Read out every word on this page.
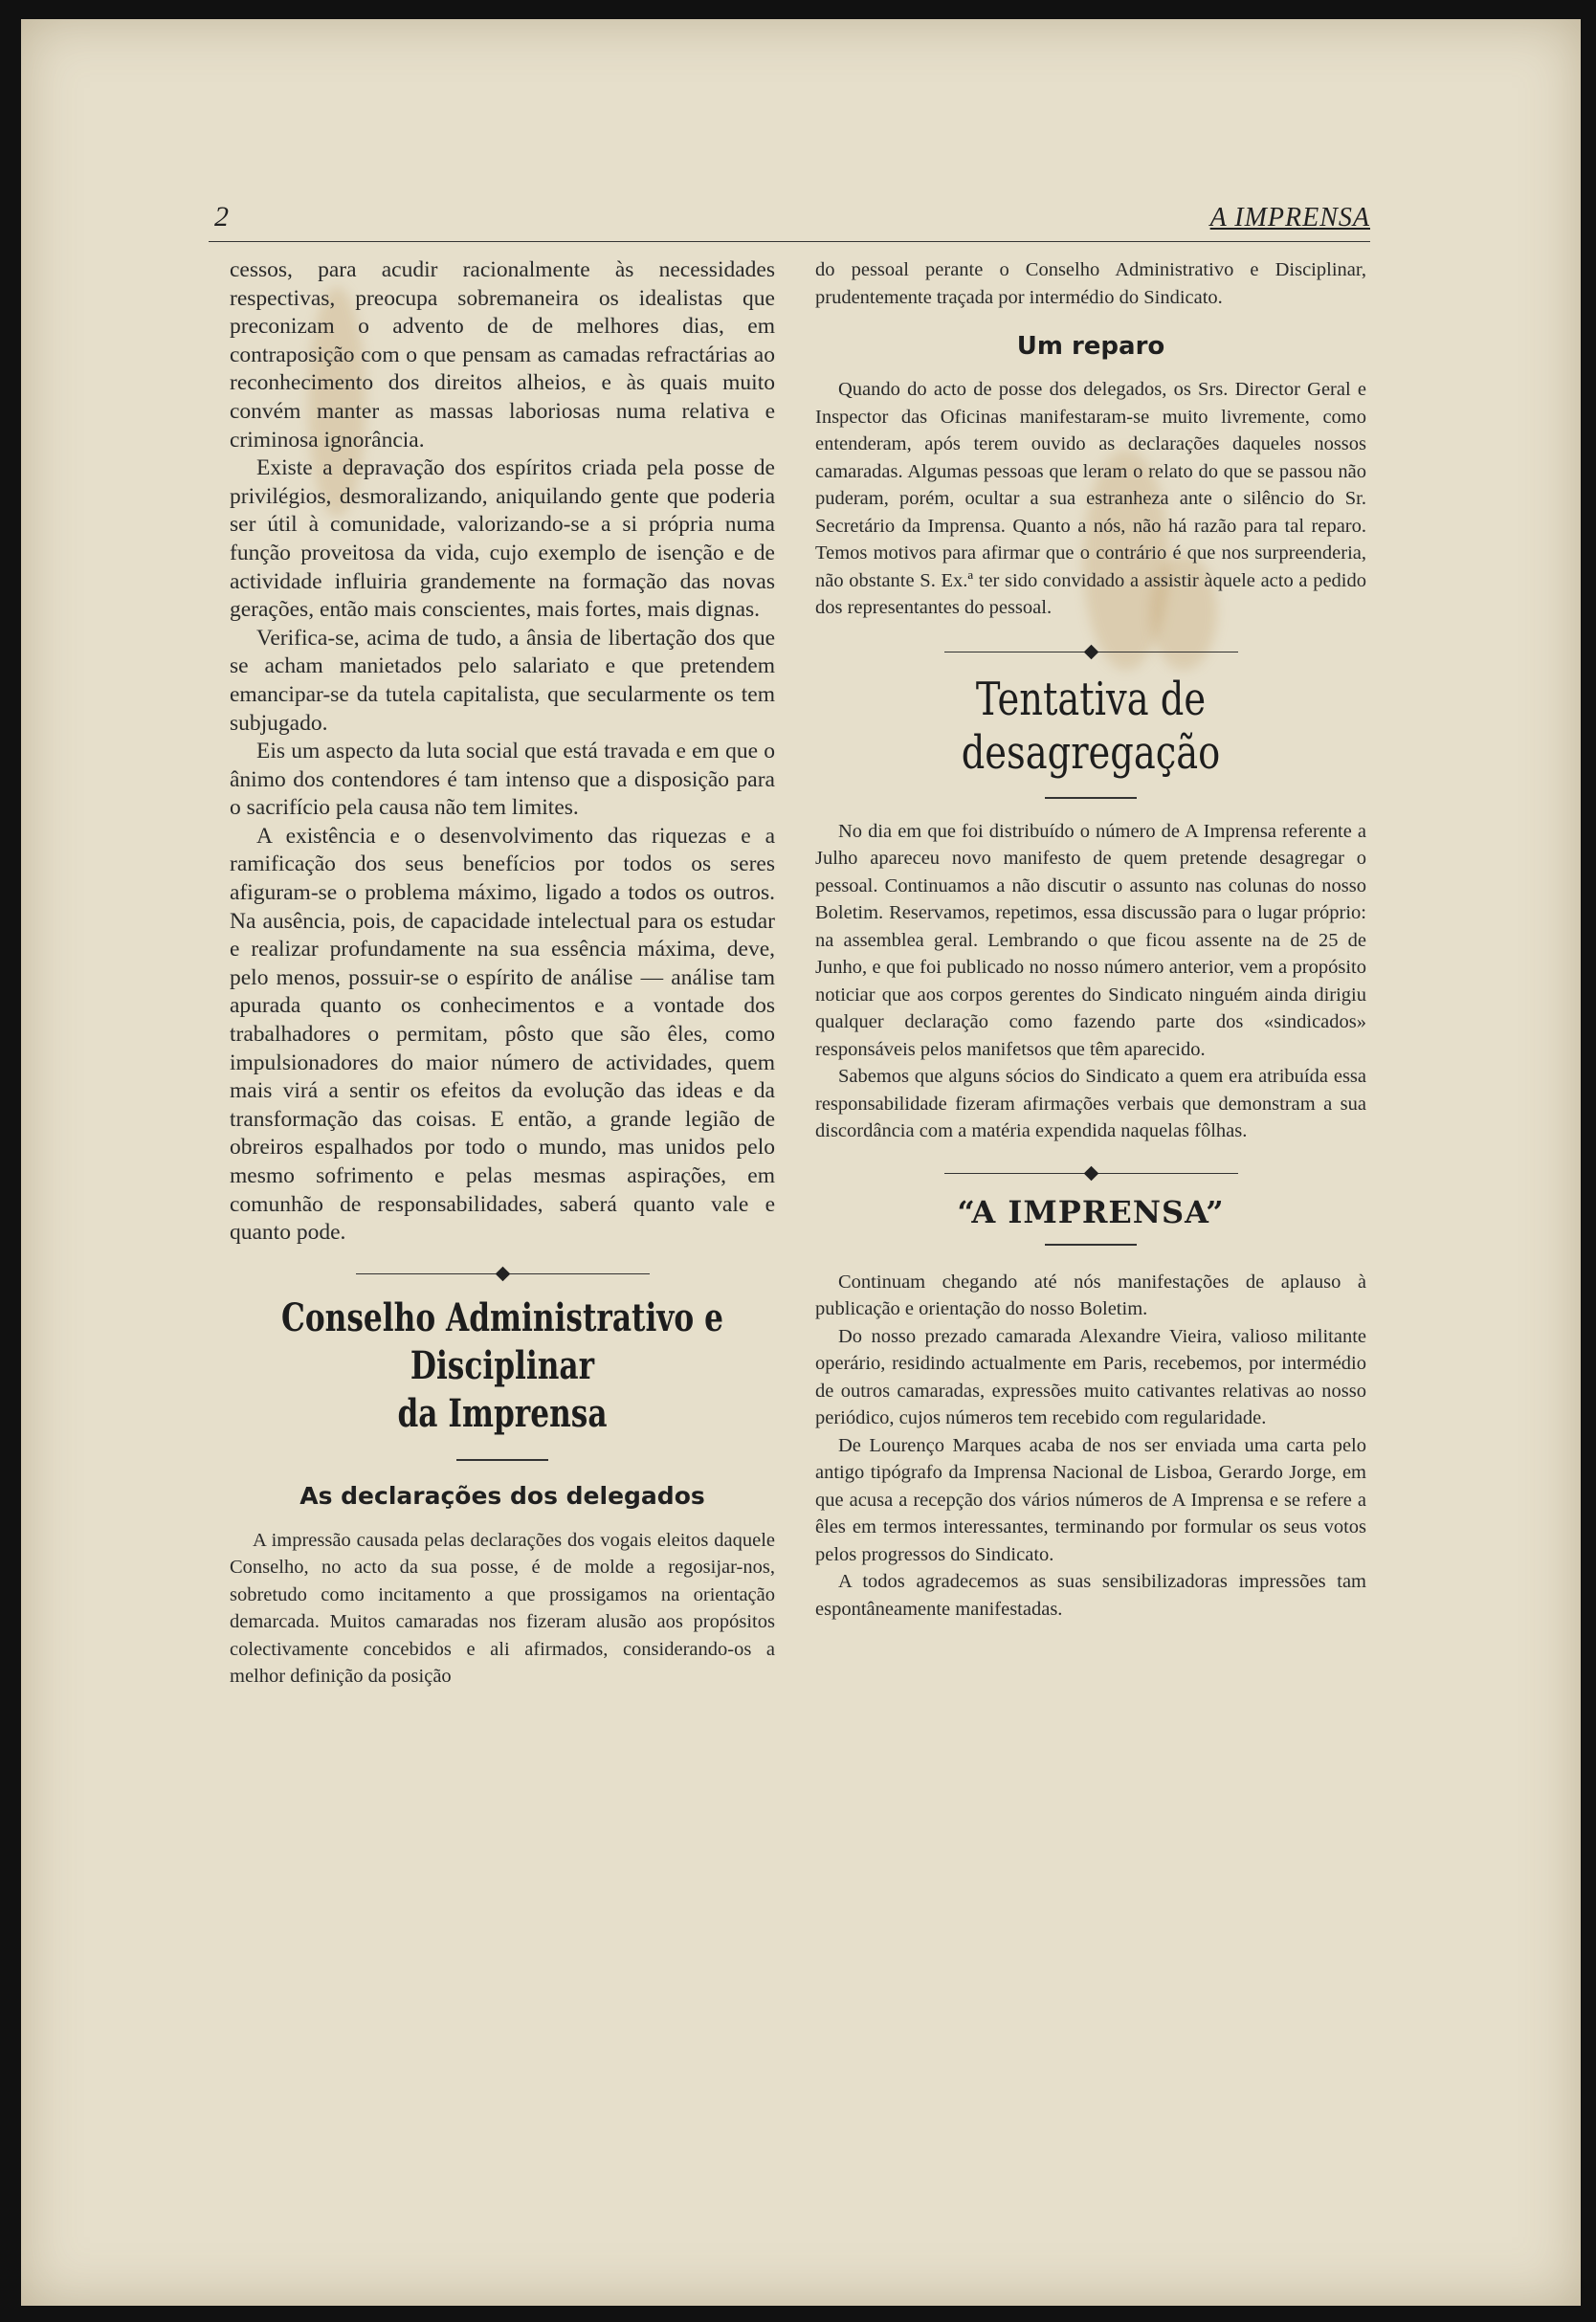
2	A IMPRENSA

cessos, para acudir racionalmente às necessidades respectivas, preocupa sobremaneira os idealistas que preconizam o advento de de melhores dias, em contraposição com o que pensam as camadas refractárias ao reconhecimento dos direitos alheios, e às quais muito convém manter as massas laboriosas numa relativa e criminosa ignorância.

Existe a depravação dos espíritos criada pela posse de privilégios, desmoralizando, aniquilando gente que poderia ser útil à comunidade, valorizando-se a si própria numa função proveitosa da vida, cujo exemplo de isenção e de actividade influiria grandemente na formação das novas gerações, então mais conscientes, mais fortes, mais dignas.

Verifica-se, acima de tudo, a ânsia de libertação dos que se acham manietados pelo salariato e que pretendem emancipar-se da tutela capitalista, que secularmente os tem subjugado.

Eis um aspecto da luta social que está travada e em que o ânimo dos contendores é tam intenso que a disposição para o sacrifício pela causa não tem limites.

A existência e o desenvolvimento das riquezas e a ramificação dos seus benefícios por todos os seres afiguram-se o problema máximo, ligado a todos os outros. Na ausência, pois, de capacidade intelectual para os estudar e realizar profundamente na sua essência máxima, deve, pelo menos, possuir-se o espírito de análise — análise tam apurada quanto os conhecimentos e a vontade dos trabalhadores o permitam, pôsto que são êles, como impulsionadores do maior número de actividades, quem mais virá a sentir os efeitos da evolução das ideas e da transformação das coisas. E então, a grande legião de obreiros espalhados por todo o mundo, mas unidos pelo mesmo sofrimento e pelas mesmas aspirações, em comunhão de responsabilidades, saberá quanto vale e quanto pode.

Conselho Administrativo e Disciplinar
da Imprensa
As declarações dos delegados

A impressão causada pelas declarações dos vogais eleitos daquele Conselho, no acto da sua posse, é de molde a regosijar-nos, sobretudo como incitamento a que prossigamos na orientação demarcada. Muitos camaradas nos fizeram alusão aos propósitos colectivamente concebidos e ali afirmados, considerando-os a melhor definição da posição

do pessoal perante o Conselho Administrativo e Disciplinar, prudentemente traçada por intermédio do Sindicato.

Um reparo

Quando do acto de posse dos delegados, os Srs. Director Geral e Inspector das Oficinas manifestaram-se muito livremente, como entenderam, após terem ouvido as declarações daqueles nossos camaradas. Algumas pessoas que leram o relato do que se passou não puderam, porém, ocultar a sua estranheza ante o silêncio do Sr. Secretário da Imprensa. Quanto a nós, não há razão para tal reparo. Temos motivos para afirmar que o contrário é que nos surpreenderia, não obstante S. Ex.ª ter sido convidado a assistir àquele acto a pedido dos representantes do pessoal.

Tentativa de desagregação

No dia em que foi distribuído o número de A Imprensa referente a Julho apareceu novo manifesto de quem pretende desagregar o pessoal. Continuamos a não discutir o assunto nas colunas do nosso Boletim. Reservamos, repetimos, essa discussão para o lugar próprio: na assemblea geral. Lembrando o que ficou assente na de 25 de Junho, e que foi publicado no nosso número anterior, vem a propósito noticiar que aos corpos gerentes do Sindicato ninguém ainda dirigiu qualquer declaração como fazendo parte dos «sindicados» responsáveis pelos manifetsos que têm aparecido.

Sabemos que alguns sócios do Sindicato a quem era atribuída essa responsabilidade fizeram afirmações verbais que demonstram a sua discordância com a matéria expendida naquelas fôlhas.

“A IMPRENSA”

Continuam chegando até nós manifestações de aplauso à publicação e orientação do nosso Boletim.

Do nosso prezado camarada Alexandre Vieira, valioso militante operário, residindo actualmente em Paris, recebemos, por intermédio de outros camaradas, expressões muito cativantes relativas ao nosso periódico, cujos números tem recebido com regularidade.

De Lourenço Marques acaba de nos ser enviada uma carta pelo antigo tipógrafo da Imprensa Nacional de Lisboa, Gerardo Jorge, em que acusa a recepção dos vários números de A Imprensa e se refere a êles em termos interessantes, terminando por formular os seus votos pelos progressos do Sindicato.

A todos agradecemos as suas sensibilizadoras impressões tam espontâneamente manifestadas.
